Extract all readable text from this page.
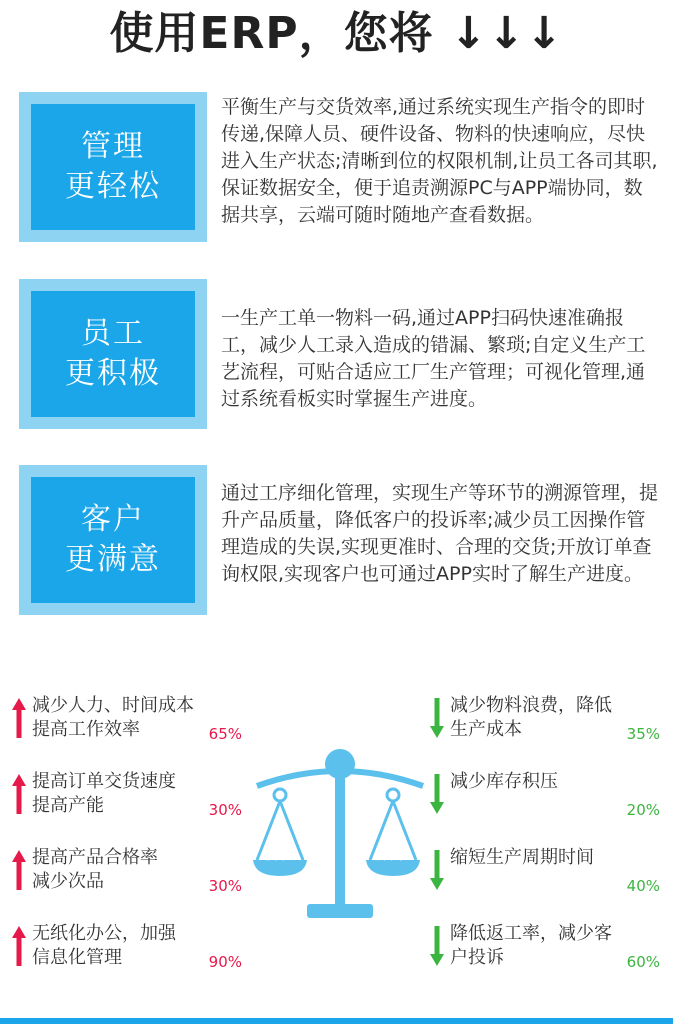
使用ERP，您将 ↓↓↓
管理
更轻松
平衡生产与交货效率,通过系统实现生产指令的即时传递,保障人员、硬件设备、物料的快速响应，尽快进入生产状态;清晰到位的权限机制,让员工各司其职,保证数据安全，便于追责溯源PC与APP端协同，数据共享，云端可随时随地产查看数据。
员工
更积极
一生产工单一物料一码,通过APP扫码快速准确报工，减少人工录入造成的错漏、繁琐;自定义生产工艺流程，可贴合适应工厂生产管理；可视化管理,通过系统看板实时掌握生产进度。
客户
更满意
通过工序细化管理，实现生产等环节的溯源管理，提升产品质量，降低客户的投诉率;减少员工因操作管理造成的失误,实现更准时、合理的交货;开放订单查询权限,实现客户也可通过APP实时了解生产进度。
减少人力、时间成本
提高工作效率	65%
提高订单交货速度
提高产能	30%
提高产品合格率
减少次品	30%
无纸化办公，加强
信息化管理	90%
价值	效率
减少物料浪费，降低
生产成本	35%
减少库存积压
20%
缩短生产周期时间
40%
降低返工率，减少客
户投诉	60%
